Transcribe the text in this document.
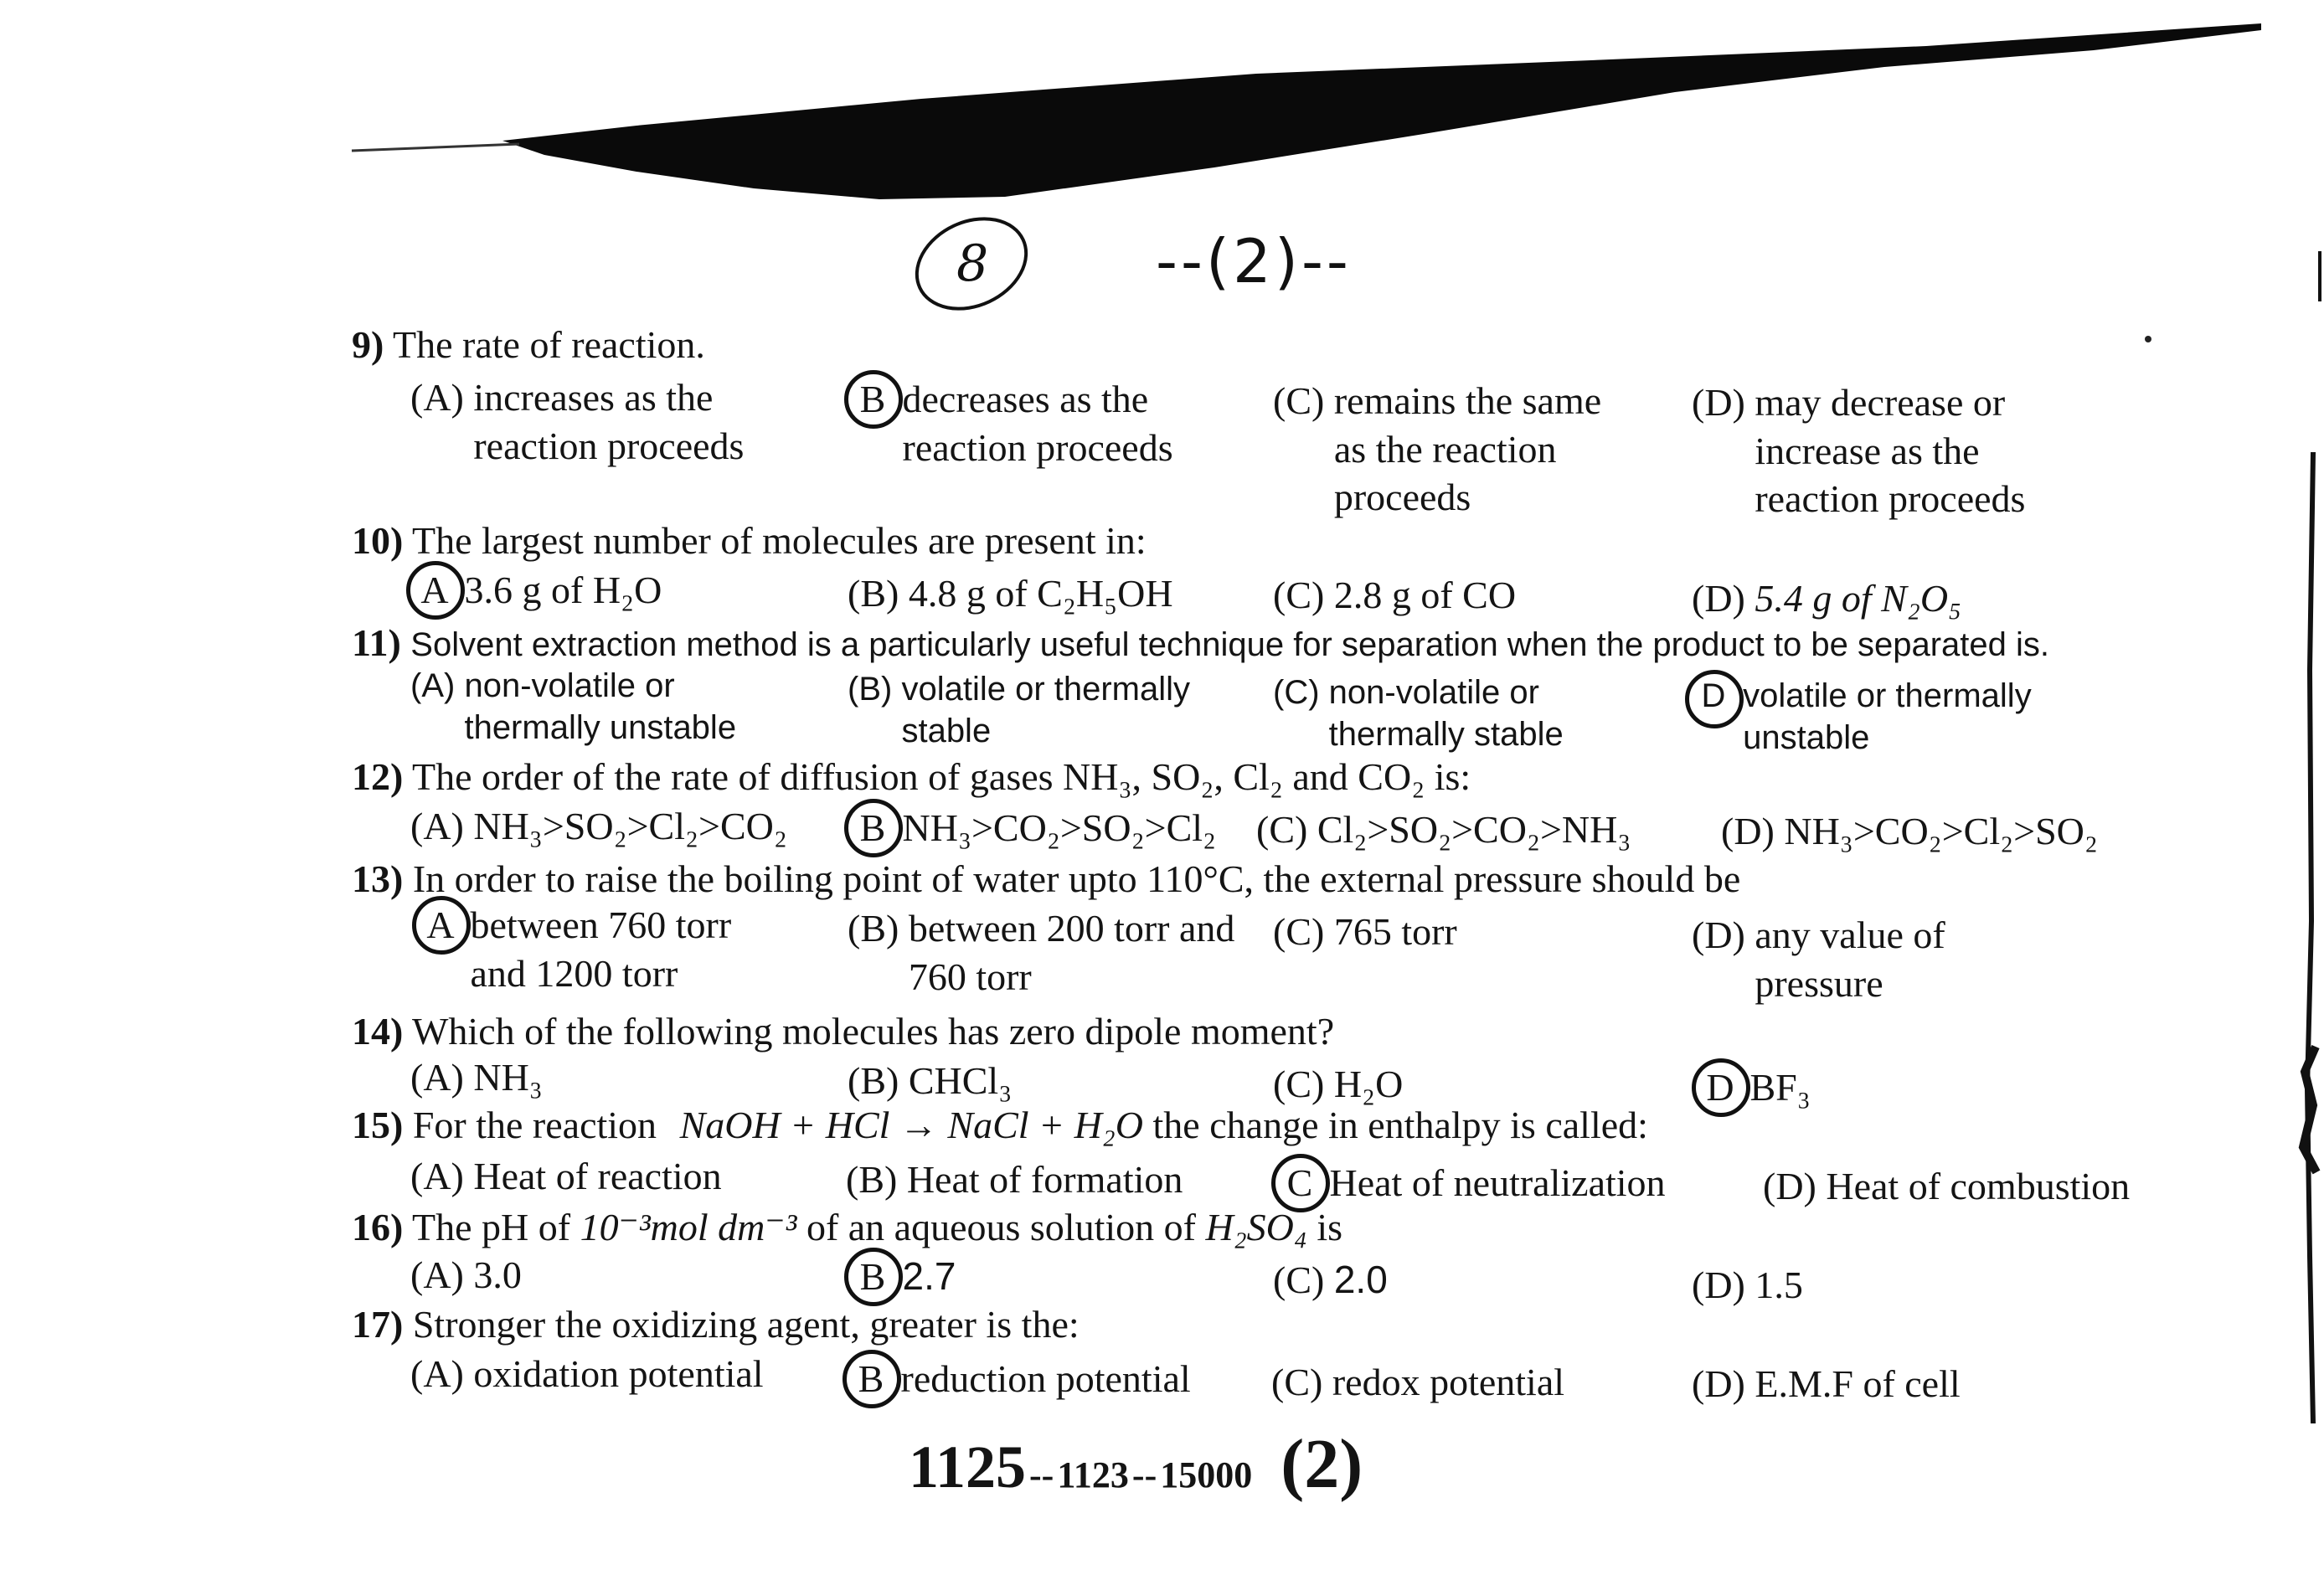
8	--(2)--
9) The rate of reaction.
(A) increases as the reaction proceeds
B decreases as the reaction proceeds
(C) remains the same as the reaction proceeds
(D) may decrease or increase as the reaction proceeds
10) The largest number of molecules are present in:
A 3.6 g of H₂O	(B) 4.8 g of C₂H₅OH	(C) 2.8 g of CO	(D) 5.4 g of N₂O₅
11) Solvent extraction method is a particularly useful technique for separation when the product to be separated is.
(A) non-volatile or thermally unstable
(B) volatile or thermally stable
(C) non-volatile or thermally stable
D volatile or thermally unstable
12) The order of the rate of diffusion of gases NH₃, SO₂, Cl₂ and CO₂ is:
(A) NH₃>SO₂>Cl₂>CO₂ B NH₃>CO₂>SO₂>Cl₂ (C) Cl₂>SO₂>CO₂>NH₃ (D) NH₃>CO₂>Cl₂>SO₂
13) In order to raise the boiling point of water upto 110°C, the external pressure should be
A between 760 torr and 1200 torr
(B) between 200 torr and 760 torr
(C) 765 torr	(D) any value of pressure
14) Which of the following molecules has zero dipole moment?
(A) NH₃	(B) CHCl₃	(C) H₂O	D BF₃
15) For the reaction NaOH + HCl → NaCl + H₂O the change in enthalpy is called:
(A) Heat of reaction	(B) Heat of formation	C Heat of neutralization	(D) Heat of combustion
16) The pH of 10⁻³mol dm⁻³ of an aqueous solution of H₂SO₄ is
(A) 3.0	B 2.7	(C) 2.0	(D) 1.5
17) Stronger the oxidizing agent, greater is the:
(A) oxidation potential B reduction potential (C) redox potential	(D) E.M.F of cell
1125 -- 1123 -- 15000 (2)
